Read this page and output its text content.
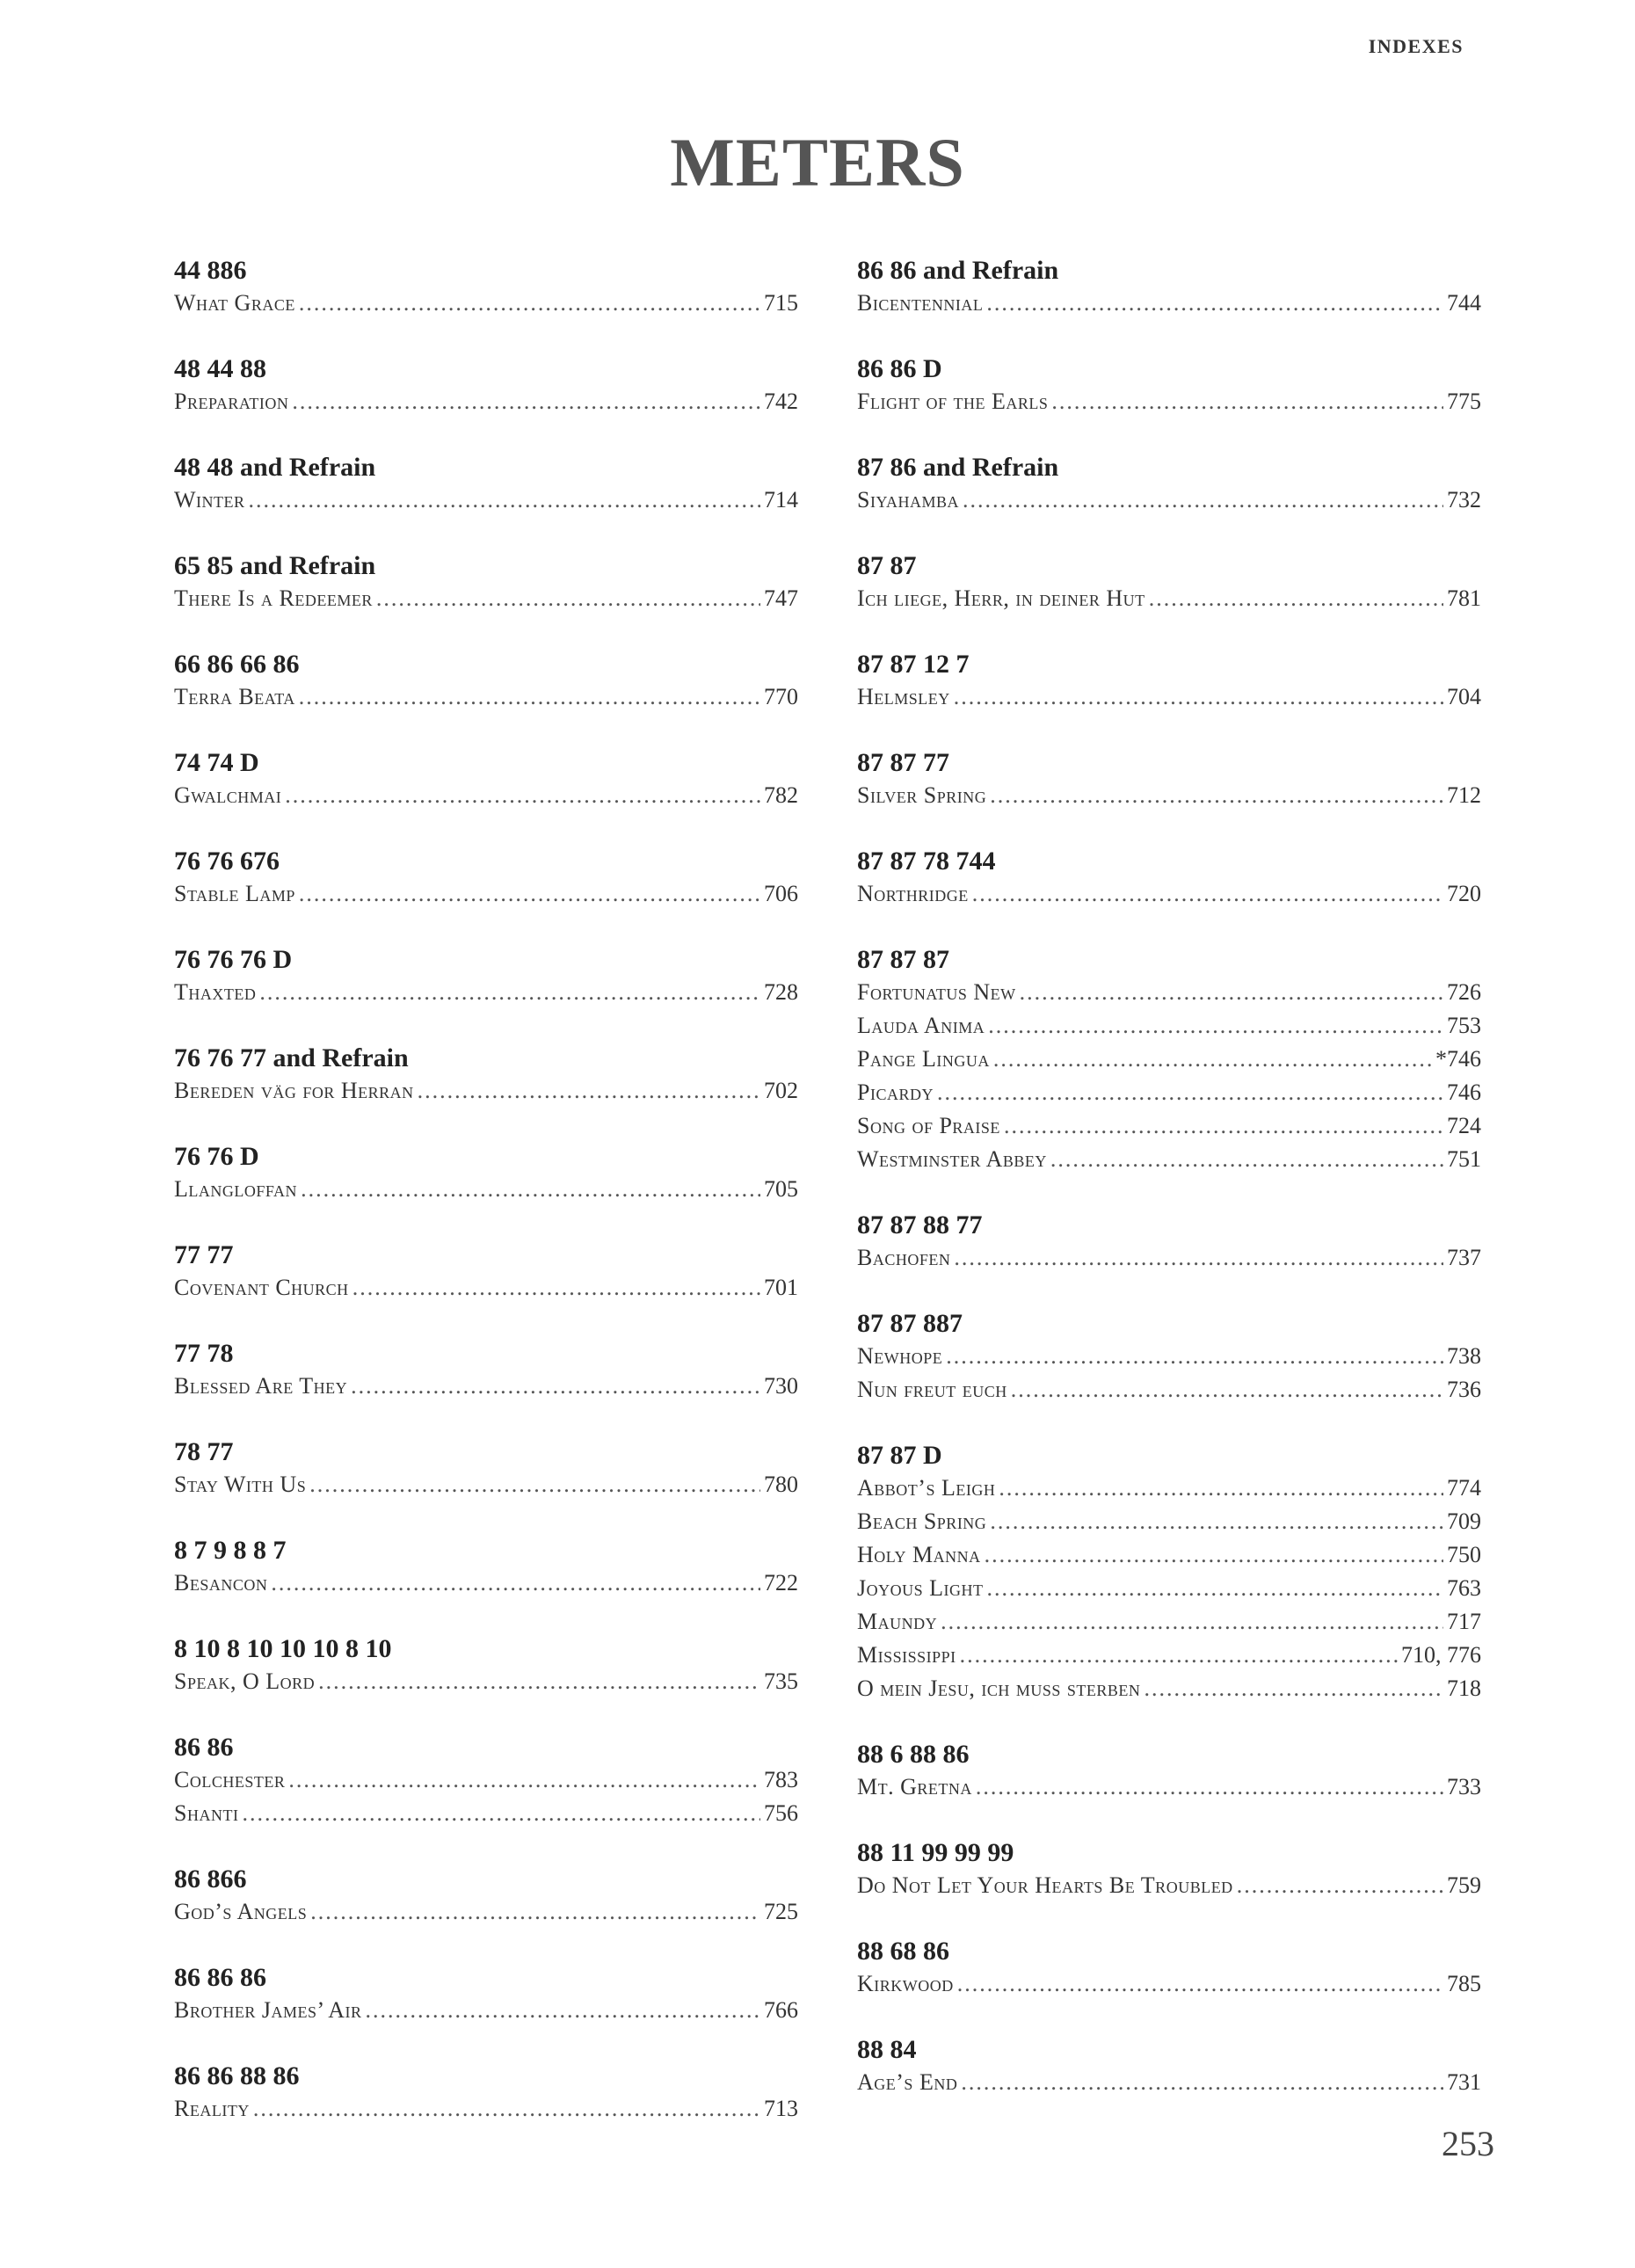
INDEXES
METERS
44 886
What Grace .....	715
48 44 88
Preparation .....	742
48 48 and Refrain
Winter .....	714
65 85 and Refrain
There Is a Redeemer .....	747
66 86 66 86
Terra Beata .....	770
74 74 D
Gwalchmai .....	782
76 76 676
Stable Lamp .....	706
76 76 76 D
Thaxted .....	728
76 76 77 and Refrain
Bereden väg for Herran .....	702
76 76 D
Llangloffan .....	705
77 77
Covenant Church .....	701
77 78
Blessed Are They .....	730
78 77
Stay With Us .....	780
8 7 9 8 8 7
Besancon .....	722
8 10 8 10 10 10 8 10
Speak, O Lord .....	735
86 86
Colchester .....	783
Shanti .....	756
86 866
God’s Angels .....	725
86 86 86
Brother James’ Air .....	766
86 86 88 86
Reality .....	713
86 86 and Refrain
Bicentennial .....	744
86 86 D
Flight of the Earls .....	775
87 86 and Refrain
Siyahamba .....	732
87 87
Ich liege, Herr, in deiner Hut .....	781
87 87 12 7
Helmsley .....	704
87 87 77
Silver Spring .....	712
87 87 78 744
Northridge .....	720
87 87 87
Fortunatus New .....	726
Lauda Anima .....	753
Pange Lingua .....	*746
Picardy .....	746
Song of Praise .....	724
Westminster Abbey .....	751
87 87 88 77
Bachofen .....	737
87 87 887
Newhope .....	738
Nun freut euch .....	736
87 87 D
Abbot’s Leigh .....	774
Beach Spring .....	709
Holy Manna .....	750
Joyous Light .....	763
Maundy .....	717
Mississippi .....	710, 776
O mein Jesu, ich muss sterben .....	718
88 6 88 86
Mt. Gretna .....	733
88 11 99 99 99
Do Not Let Your Hearts Be Troubled .....	759
88 68 86
Kirkwood .....	785
88 84
Age’s End .....	731
253
